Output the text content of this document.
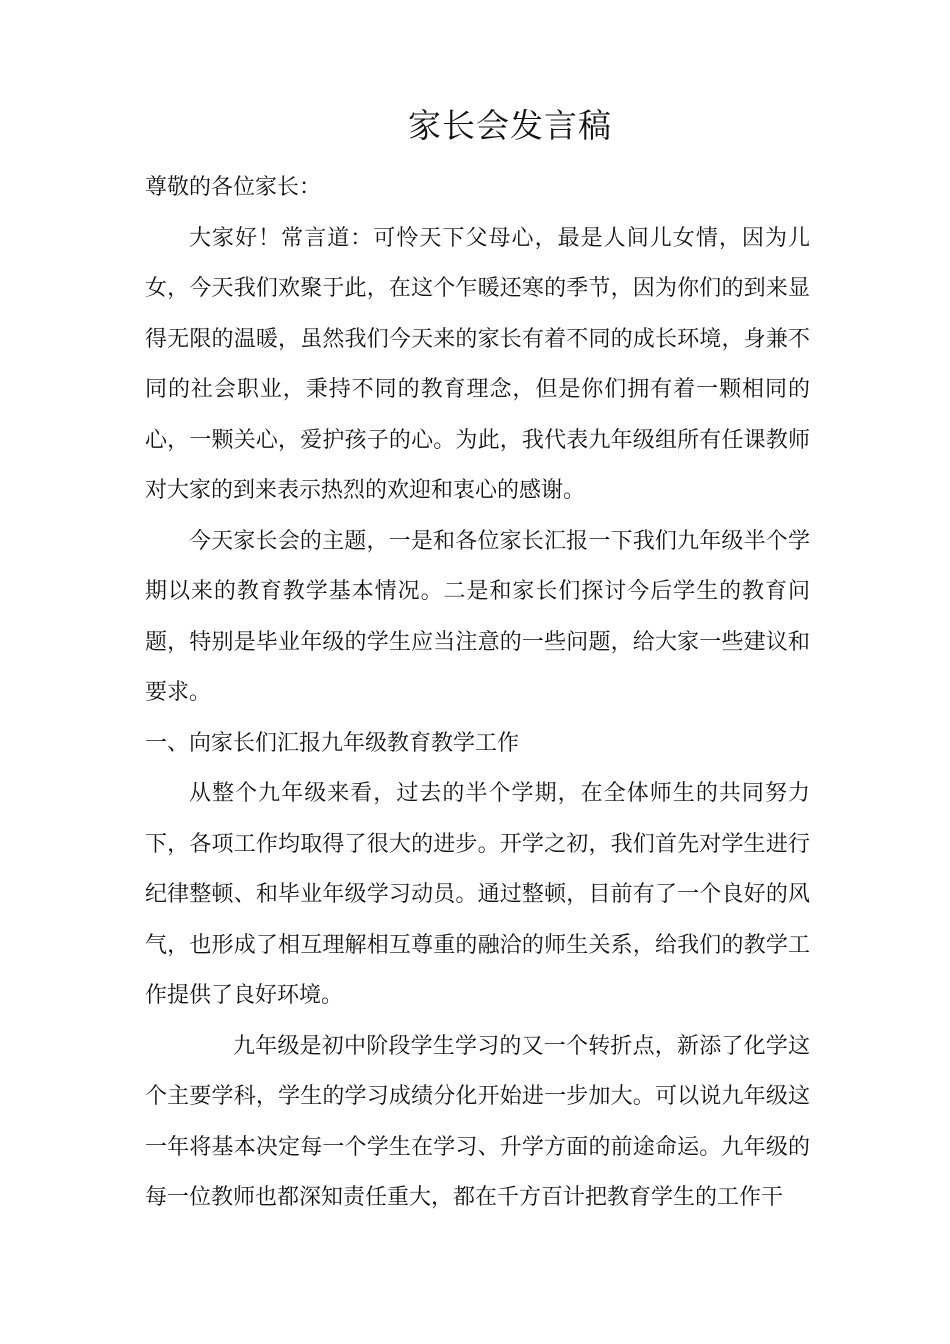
家长会发言稿

尊敬的各位家长：

大家好！常言道：可怜天下父母心，最是人间儿女情，因为儿女，今天我们欢聚于此，在这个乍暖还寒的季节，因为你们的到来显得无限的温暖，虽然我们今天来的家长有着不同的成长环境，身兼不同的社会职业，秉持不同的教育理念，但是你们拥有着一颗相同的心，一颗关心，爱护孩子的心。为此，我代表九年级组所有任课教师对大家的到来表示热烈的欢迎和衷心的感谢。

今天家长会的主题，一是和各位家长汇报一下我们九年级半个学期以来的教育教学基本情况。二是和家长们探讨今后学生的教育问题，特别是毕业年级的学生应当注意的一些问题，给大家一些建议和要求。

一、向家长们汇报九年级教育教学工作

从整个九年级来看，过去的半个学期，在全体师生的共同努力下，各项工作均取得了很大的进步。开学之初，我们首先对学生进行纪律整顿、和毕业年级学习动员。通过整顿，目前有了一个良好的风气，也形成了相互理解相互尊重的融洽的师生关系，给我们的教学工作提供了良好环境。

九年级是初中阶段学生学习的又一个转折点，新添了化学这个主要学科，学生的学习成绩分化开始进一步加大。可以说九年级这一年将基本决定每一个学生在学习、升学方面的前途命运。九年级的每一位教师也都深知责任重大，都在千方百计把教育学生的工作干
